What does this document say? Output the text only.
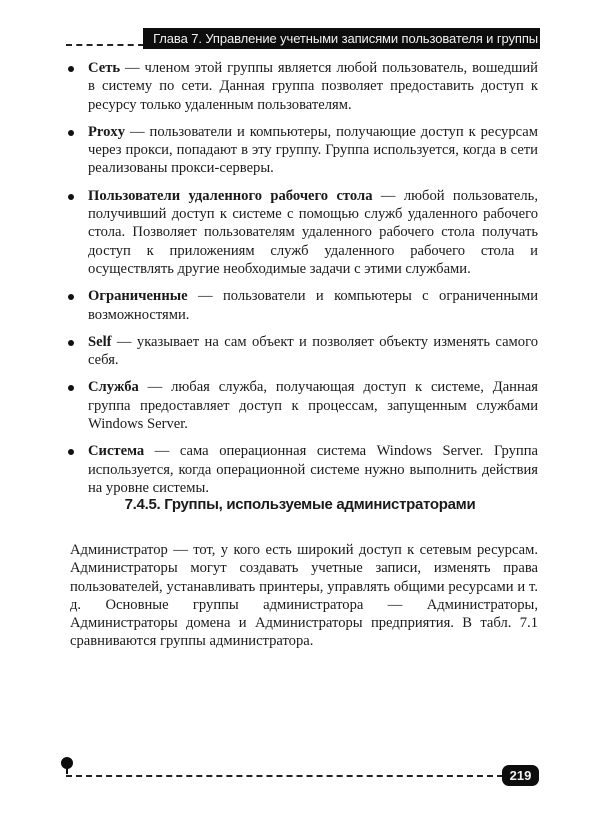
Глава 7. Управление учетными записями пользователя и группы
Сеть — членом этой группы является любой пользователь, вошедший в систему по сети. Данная группа позволяет предоставить доступ к ресурсу только удаленным пользователям.
Proxy — пользователи и компьютеры, получающие доступ к ресурсам через прокси, попадают в эту группу. Группа используется, когда в сети реализованы прокси-серверы.
Пользователи удаленного рабочего стола — любой пользователь, получивший доступ к системе с помощью служб удаленного рабочего стола. Позволяет пользователям удаленного рабочего стола получать доступ к приложениям служб удаленного рабочего стола и осуществлять другие необходимые задачи с этими службами.
Ограниченные — пользователи и компьютеры с ограниченными возможностями.
Self — указывает на сам объект и позволяет объекту изменять самого себя.
Служба — любая служба, получающая доступ к системе, Данная группа предоставляет доступ к процессам, запущенным службами Windows Server.
Система — сама операционная система Windows Server. Группа используется, когда операционной системе нужно выполнить действия на уровне системы.
7.4.5. Группы, используемые администраторами

Администратор — тот, у кого есть широкий доступ к сетевым ресурсам. Администраторы могут создавать учетные записи, изменять права пользователей, устанавливать принтеры, управлять общими ресурсами и т. д. Основные группы администратора — Администраторы, Администраторы домена и Администраторы предприятия. В табл. 7.1 сравниваются группы администратора.

219
